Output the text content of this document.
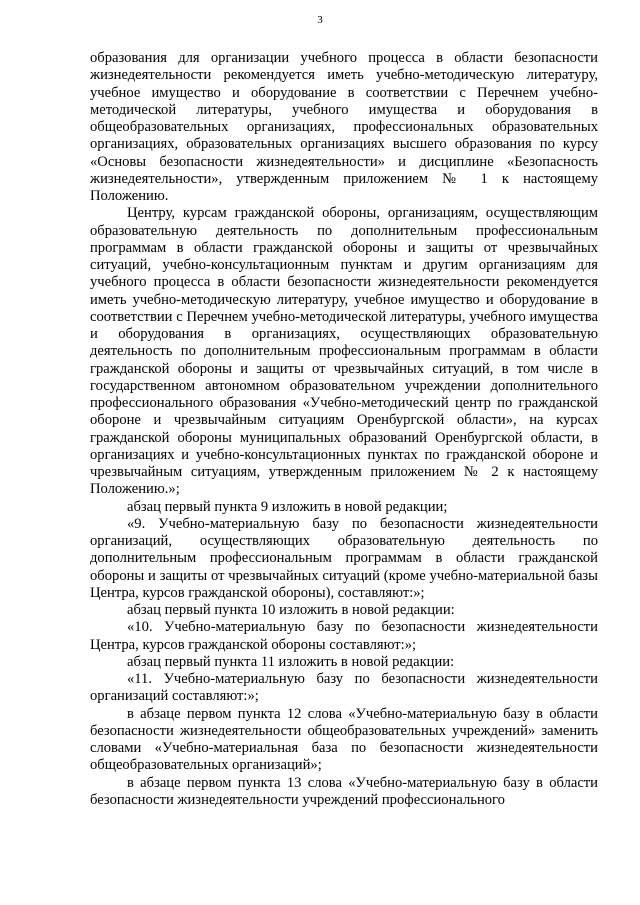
3

образования для организации учебного процесса в области безопасности жизнедеятельности рекомендуется иметь учебно-методическую литературу, учебное имущество и оборудование в соответствии с Перечнем учебно-методической литературы, учебного имущества и оборудования в общеобразовательных организациях, профессиональных образовательных организациях, образовательных организациях высшего образования по курсу «Основы безопасности жизнедеятельности» и дисциплине «Безопасность жизнедеятельности», утвержденным приложением № 1 к настоящему Положению.

Центру, курсам гражданской обороны, организациям, осуществляющим образовательную деятельность по дополнительным профессиональным программам в области гражданской обороны и защиты от чрезвычайных ситуаций, учебно-консультационным пунктам и другим организациям для учебного процесса в области безопасности жизнедеятельности рекомендуется иметь учебно-методическую литературу, учебное имущество и оборудование в соответствии с Перечнем учебно-методической литературы, учебного имущества и оборудования в организациях, осуществляющих образовательную деятельность по дополнительным профессиональным программам в области гражданской обороны и защиты от чрезвычайных ситуаций, в том числе в государственном автономном образовательном учреждении дополнительного профессионального образования «Учебно-методический центр по гражданской обороне и чрезвычайным ситуациям Оренбургской области», на курсах гражданской обороны муниципальных образований Оренбургской области, в организациях и учебно-консультационных пунктах по гражданской обороне и чрезвычайным ситуациям, утвержденным приложением № 2 к настоящему Положению.»;

абзац первый пункта 9 изложить в новой редакции;

«9. Учебно-материальную базу по безопасности жизнедеятельности организаций, осуществляющих образовательную деятельность по дополнительным профессиональным программам в области гражданской обороны и защиты от чрезвычайных ситуаций (кроме учебно-материальной базы Центра, курсов гражданской обороны), составляют:»;

абзац первый пункта 10 изложить в новой редакции:

«10. Учебно-материальную базу по безопасности жизнедеятельности Центра, курсов гражданской обороны составляют:»;

абзац первый пункта 11 изложить в новой редакции:

«11. Учебно-материальную базу по безопасности жизнедеятельности организаций составляют:»;

в абзаце первом пункта 12 слова «Учебно-материальную базу в области безопасности жизнедеятельности общеобразовательных учреждений» заменить словами «Учебно-материальная база по безопасности жизнедеятельности общеобразовательных организаций»;

в абзаце первом пункта 13 слова «Учебно-материальную базу в области безопасности жизнедеятельности учреждений профессионального
